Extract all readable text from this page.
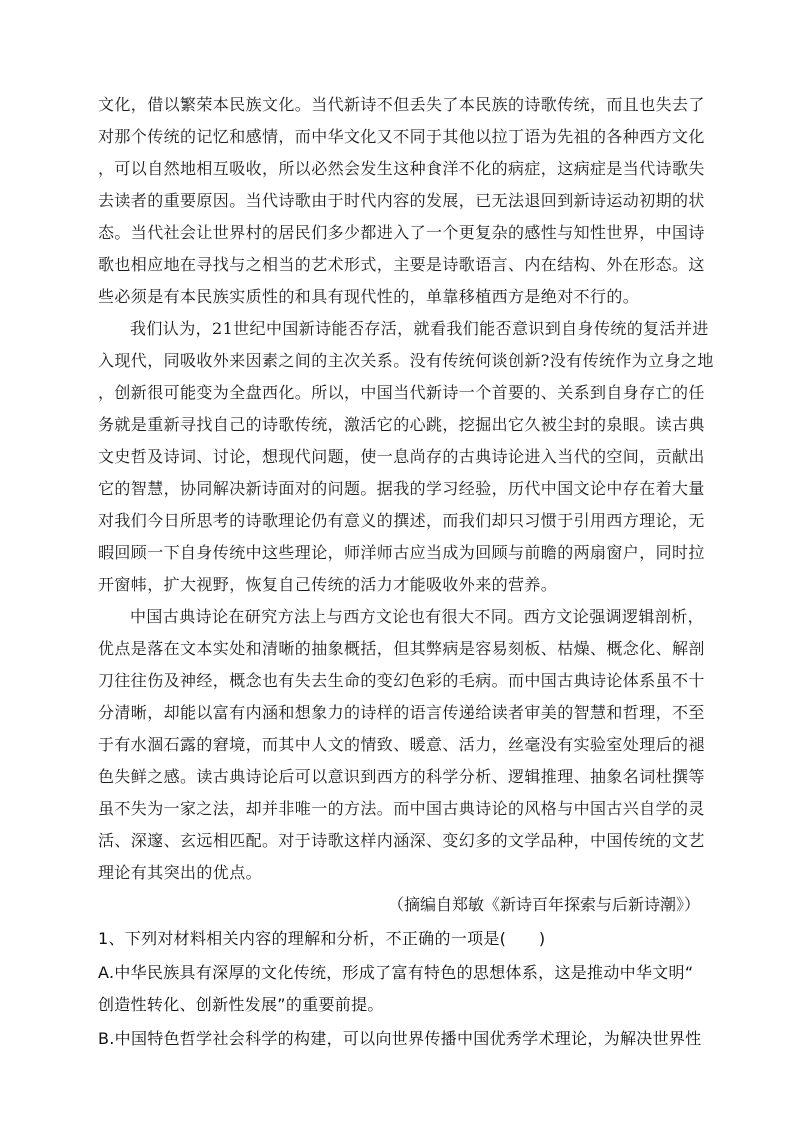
文化，借以繁荣本民族文化。当代新诗不但丢失了本民族的诗歌传统，而且也失去了
对那个传统的记忆和感情，而中华文化又不同于其他以拉丁语为先祖的各种西方文化
，可以自然地相互吸收，所以必然会发生这种食洋不化的病症，这病症是当代诗歌失
去读者的重要原因。当代诗歌由于时代内容的发展，已无法退回到新诗运动初期的状
态。当代社会让世界村的居民们多少都进入了一个更复杂的感性与知性世界，中国诗
歌也相应地在寻找与之相当的艺术形式，主要是诗歌语言、内在结构、外在形态。这
些必须是有本民族实质性的和具有现代性的，单靠移植西方是绝对不行的。
我们认为，21世纪中国新诗能否存活，就看我们能否意识到自身传统的复活并进
入现代，同吸收外来因素之间的主次关系。没有传统何谈创新?没有传统作为立身之地
，创新很可能变为全盘西化。所以，中国当代新诗一个首要的、关系到自身存亡的任
务就是重新寻找自己的诗歌传统，激活它的心跳，挖掘出它久被尘封的泉眼。读古典
文史哲及诗词、讨论，想现代问题，使一息尚存的古典诗论进入当代的空间，贡献出
它的智慧，协同解决新诗面对的问题。据我的学习经验，历代中国文论中存在着大量
对我们今日所思考的诗歌理论仍有意义的撰述，而我们却只习惯于引用西方理论，无
暇回顾一下自身传统中这些理论，师洋师古应当成为回顾与前瞻的两扇窗户，同时拉
开窗帏，扩大视野，恢复自己传统的活力才能吸收外来的营养。
中国古典诗论在研究方法上与西方文论也有很大不同。西方文论强调逻辑剖析，
优点是落在文本实处和清晰的抽象概括，但其弊病是容易刻板、枯燥、概念化、解剖
刀往往伤及神经，概念也有失去生命的变幻色彩的毛病。而中国古典诗论体系虽不十
分清晰，却能以富有内涵和想象力的诗样的语言传递给读者审美的智慧和哲理，不至
于有水涸石露的窘境，而其中人文的情致、暖意、活力，丝毫没有实验室处理后的褪
色失鲜之感。读古典诗论后可以意识到西方的科学分析、逻辑推理、抽象名词杜撰等
虽不失为一家之法，却并非唯一的方法。而中国古典诗论的风格与中国古兴自学的灵
活、深邃、玄远相匹配。对于诗歌这样内涵深、变幻多的文学品种，中国传统的文艺
理论有其突出的优点。
（摘编自郑敏《新诗百年探索与后新诗潮》）
1、下列对材料相关内容的理解和分析，不正确的一项是(　　)
A.中华民族具有深厚的文化传统，形成了富有特色的思想体系，这是推动中华文明“
创造性转化、创新性发展”的重要前提。
B.中国特色哲学社会科学的构建，可以向世界传播中国优秀学术理论，为解决世界性
